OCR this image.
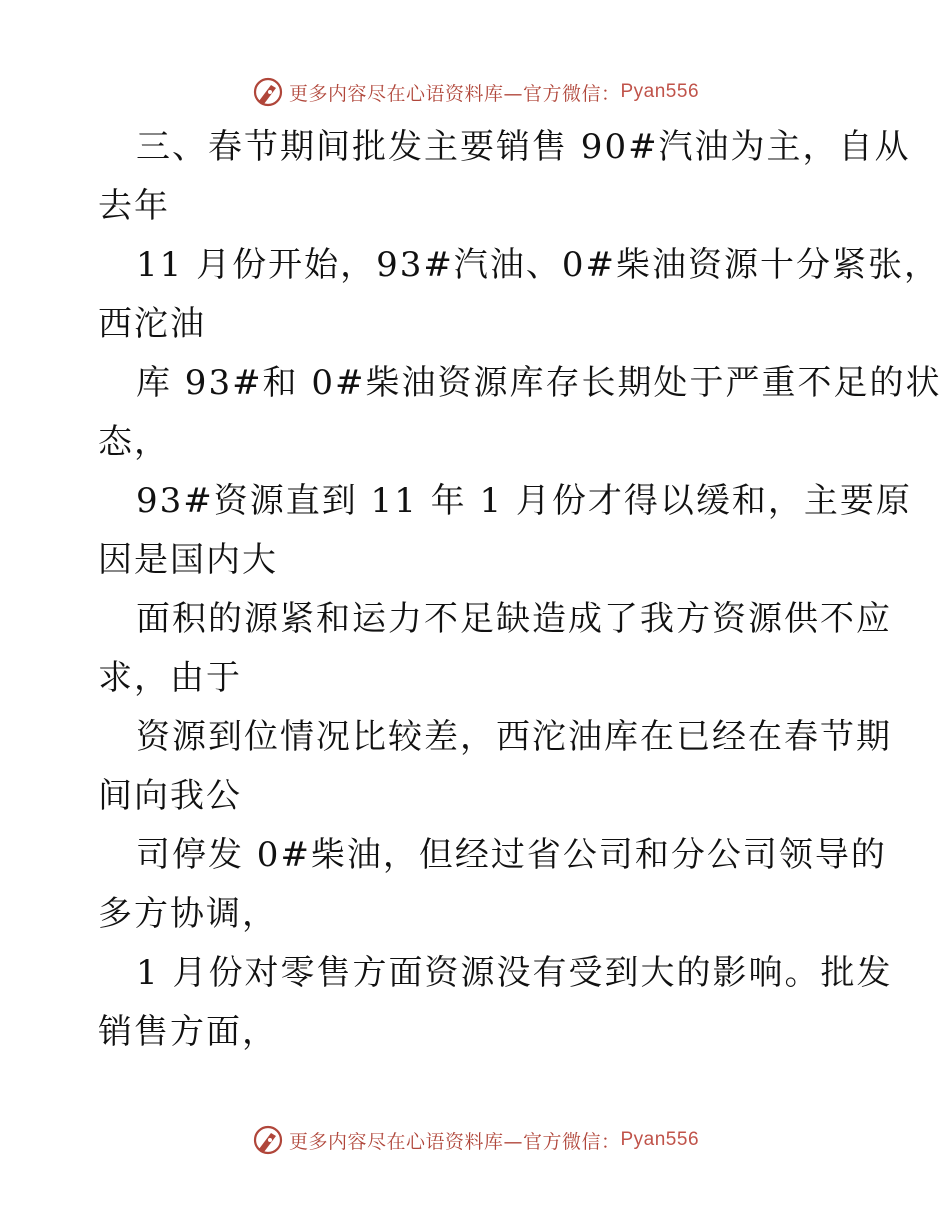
更多内容尽在心语资料库—官方微信： Pyan556
三、春节期间批发主要销售 90#汽油为主，自从
去年
11 月份开始，93#汽油、0#柴油资源十分紧张，
西沱油
库 93#和 0#柴油资源库存长期处于严重不足的状
态，
93#资源直到 11 年 1 月份才得以缓和，主要原
因是国内大
面积的源紧和运力不足缺造成了我方资源供不应
求，由于
资源到位情况比较差，西沱油库在已经在春节期
间向我公
司停发 0#柴油，但经过省公司和分公司领导的
多方协调，
1 月份对零售方面资源没有受到大的影响。批发
销售方面，
更多内容尽在心语资料库—官方微信： Pyan556
